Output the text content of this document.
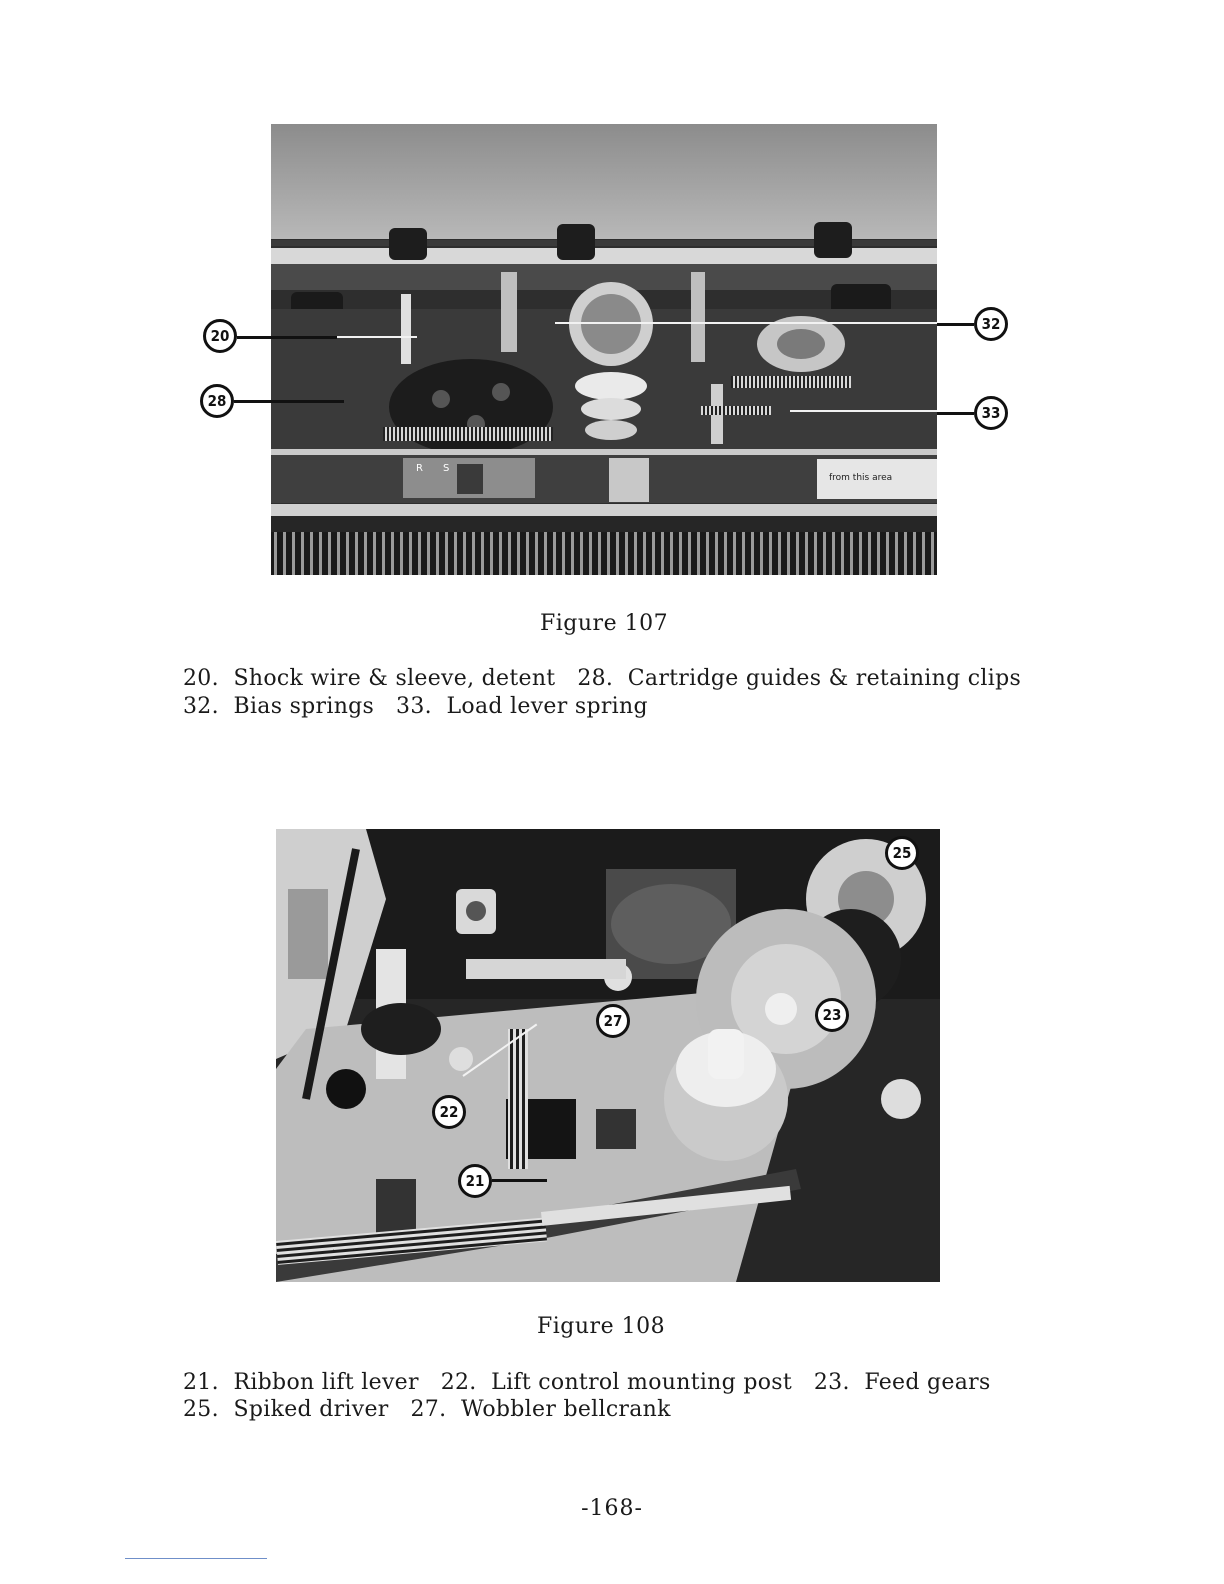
R S
from this area
20
28
32
33
Figure 107
20.  Shock wire & sleeve, detent   28.  Cartridge guides & retaining clips
32.  Bias springs   33.  Load lever spring
25
27	23
22
21
Figure 108
21.  Ribbon lift lever   22.  Lift control mounting post   23.  Feed gears
25.  Spiked driver   27.  Wobbler bellcrank
-168-
